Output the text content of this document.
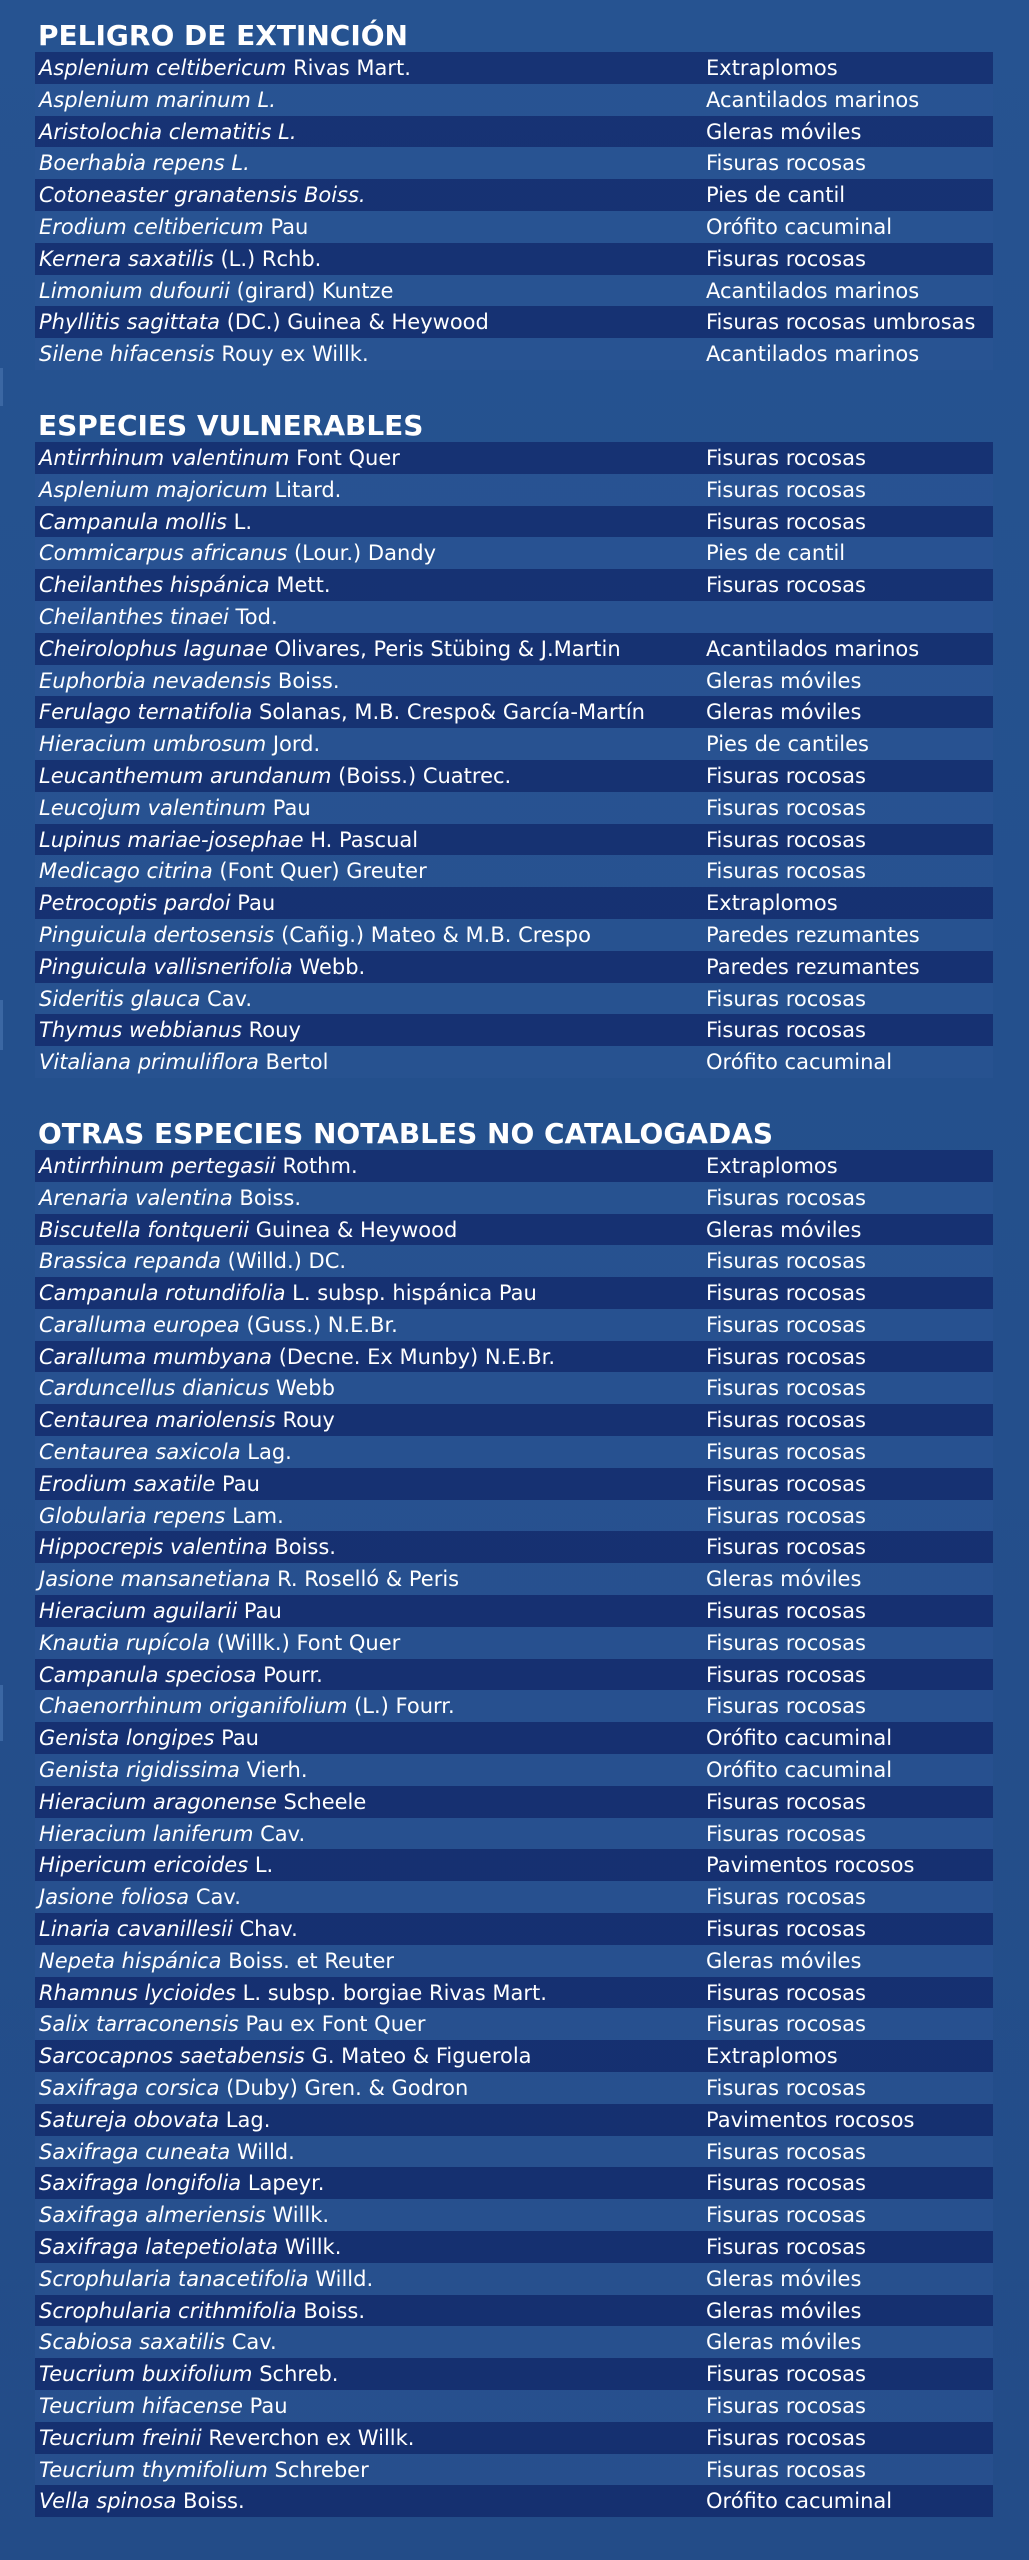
PELIGRO DE EXTINCIÓN
Asplenium celtibericum Rivas Mart.	Extraplomos
Asplenium marinum L.	Acantilados marinos
Aristolochia clematitis L.	Gleras móviles
Boerhabia repens L.	Fisuras rocosas
Cotoneaster granatensis Boiss.	Pies de cantil
Erodium celtibericum Pau	Orófito cacuminal
Kernera saxatilis (L.) Rchb.	Fisuras rocosas
Limonium dufourii (girard) Kuntze	Acantilados marinos
Phyllitis sagittata (DC.) Guinea & Heywood	Fisuras rocosas umbrosas
Silene hifacensis Rouy ex Willk.	Acantilados marinos
ESPECIES VULNERABLES
Antirrhinum valentinum Font Quer	Fisuras rocosas
Asplenium majoricum Litard.	Fisuras rocosas
Campanula mollis L.	Fisuras rocosas
Commicarpus africanus (Lour.) Dandy	Pies de cantil
Cheilanthes hispánica Mett.	Fisuras rocosas
Cheilanthes tinaei Tod.
Cheirolophus lagunae Olivares, Peris Stübing & J.Martin	Acantilados marinos
Euphorbia nevadensis Boiss.	Gleras móviles
Ferulago ternatifolia Solanas, M.B. Crespo& García-Martín	Gleras móviles
Hieracium umbrosum Jord.	Pies de cantiles
Leucanthemum arundanum (Boiss.) Cuatrec.	Fisuras rocosas
Leucojum valentinum Pau	Fisuras rocosas
Lupinus mariae-josephae H. Pascual	Fisuras rocosas
Medicago citrina (Font Quer) Greuter	Fisuras rocosas
Petrocoptis pardoi Pau	Extraplomos
Pinguicula dertosensis (Cañig.) Mateo & M.B. Crespo	Paredes rezumantes
Pinguicula vallisnerifolia Webb.	Paredes rezumantes
Sideritis glauca Cav.	Fisuras rocosas
Thymus webbianus Rouy	Fisuras rocosas
Vitaliana primuliflora Bertol	Orófito cacuminal
OTRAS ESPECIES NOTABLES NO CATALOGADAS
Antirrhinum pertegasii Rothm.	Extraplomos
Arenaria valentina Boiss.	Fisuras rocosas
Biscutella fontquerii Guinea & Heywood	Gleras móviles
Brassica repanda (Willd.) DC.	Fisuras rocosas
Campanula rotundifolia L. subsp. hispánica Pau	Fisuras rocosas
Caralluma europea (Guss.) N.E.Br.	Fisuras rocosas
Caralluma mumbyana (Decne. Ex Munby) N.E.Br.	Fisuras rocosas
Carduncellus dianicus Webb	Fisuras rocosas
Centaurea mariolensis Rouy	Fisuras rocosas
Centaurea saxicola Lag.	Fisuras rocosas
Erodium saxatile Pau	Fisuras rocosas
Globularia repens Lam.	Fisuras rocosas
Hippocrepis valentina Boiss.	Fisuras rocosas
Jasione mansanetiana R. Roselló & Peris	Gleras móviles
Hieracium aguilarii Pau	Fisuras rocosas
Knautia rupícola (Willk.) Font Quer	Fisuras rocosas
Campanula speciosa Pourr.	Fisuras rocosas
Chaenorrhinum origanifolium (L.) Fourr.	Fisuras rocosas
Genista longipes Pau	Orófito cacuminal
Genista rigidissima Vierh.	Orófito cacuminal
Hieracium aragonense Scheele	Fisuras rocosas
Hieracium laniferum Cav.	Fisuras rocosas
Hipericum ericoides L.	Pavimentos rocosos
Jasione foliosa Cav.	Fisuras rocosas
Linaria cavanillesii Chav.	Fisuras rocosas
Nepeta hispánica Boiss. et Reuter	Gleras móviles
Rhamnus lycioides L. subsp. borgiae Rivas Mart.	Fisuras rocosas
Salix tarraconensis Pau ex Font Quer	Fisuras rocosas
Sarcocapnos saetabensis G. Mateo & Figuerola	Extraplomos
Saxifraga corsica (Duby) Gren. & Godron	Fisuras rocosas
Satureja obovata Lag.	Pavimentos rocosos
Saxifraga cuneata Willd.	Fisuras rocosas
Saxifraga longifolia Lapeyr.	Fisuras rocosas
Saxifraga almeriensis Willk.	Fisuras rocosas
Saxifraga latepetiolata Willk.	Fisuras rocosas
Scrophularia tanacetifolia Willd.	Gleras móviles
Scrophularia crithmifolia Boiss.	Gleras móviles
Scabiosa saxatilis Cav.	Gleras móviles
Teucrium buxifolium Schreb.	Fisuras rocosas
Teucrium hifacense Pau	Fisuras rocosas
Teucrium freinii Reverchon ex Willk.	Fisuras rocosas
Teucrium thymifolium Schreber	Fisuras rocosas
Vella spinosa Boiss.	Orófito cacuminal
